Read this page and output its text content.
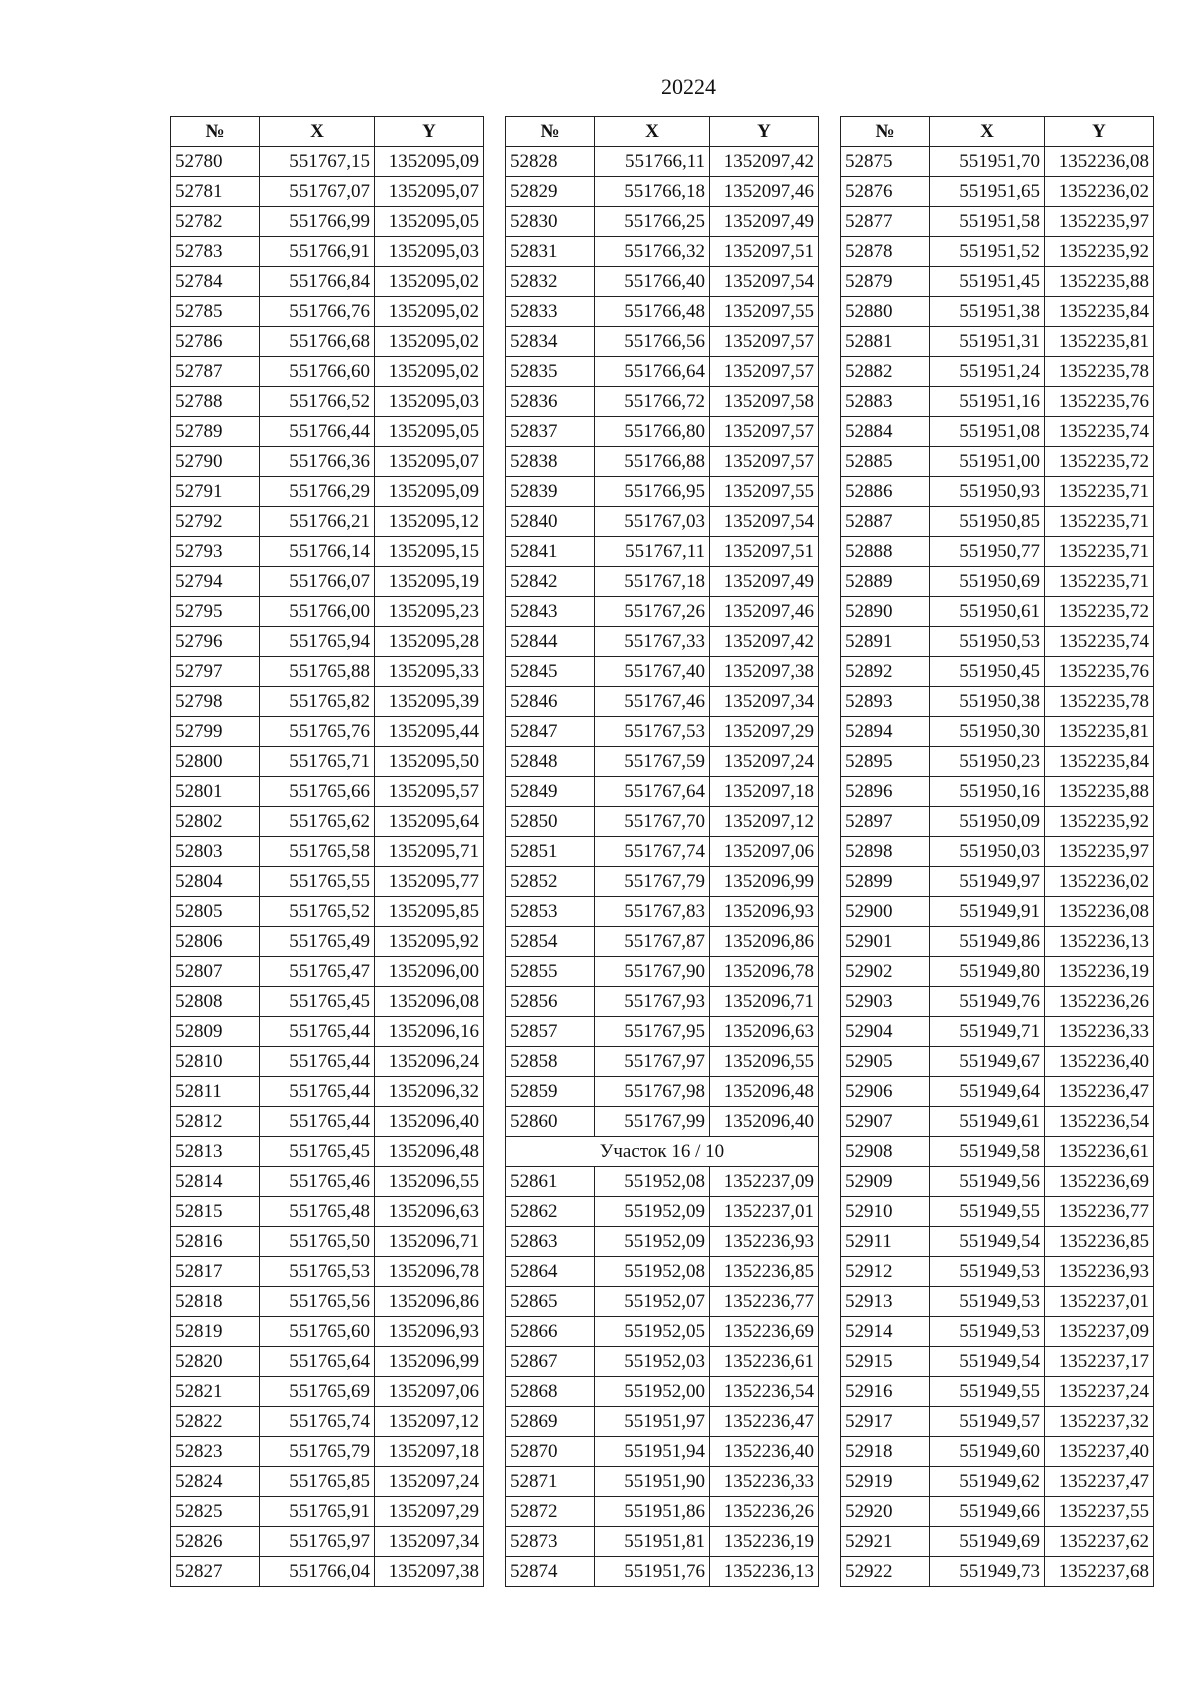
20224
№	X	Y
52780	551767,15	1352095,09
52781	551767,07	1352095,07
52782	551766,99	1352095,05
52783	551766,91	1352095,03
52784	551766,84	1352095,02
52785	551766,76	1352095,02
52786	551766,68	1352095,02
52787	551766,60	1352095,02
52788	551766,52	1352095,03
52789	551766,44	1352095,05
52790	551766,36	1352095,07
52791	551766,29	1352095,09
52792	551766,21	1352095,12
52793	551766,14	1352095,15
52794	551766,07	1352095,19
52795	551766,00	1352095,23
52796	551765,94	1352095,28
52797	551765,88	1352095,33
52798	551765,82	1352095,39
52799	551765,76	1352095,44
52800	551765,71	1352095,50
52801	551765,66	1352095,57
52802	551765,62	1352095,64
52803	551765,58	1352095,71
52804	551765,55	1352095,77
52805	551765,52	1352095,85
52806	551765,49	1352095,92
52807	551765,47	1352096,00
52808	551765,45	1352096,08
52809	551765,44	1352096,16
52810	551765,44	1352096,24
52811	551765,44	1352096,32
52812	551765,44	1352096,40
52813	551765,45	1352096,48
52814	551765,46	1352096,55
52815	551765,48	1352096,63
52816	551765,50	1352096,71
52817	551765,53	1352096,78
52818	551765,56	1352096,86
52819	551765,60	1352096,93
52820	551765,64	1352096,99
52821	551765,69	1352097,06
52822	551765,74	1352097,12
52823	551765,79	1352097,18
52824	551765,85	1352097,24
52825	551765,91	1352097,29
52826	551765,97	1352097,34
52827	551766,04	1352097,38
№	X	Y
52828	551766,11	1352097,42
52829	551766,18	1352097,46
52830	551766,25	1352097,49
52831	551766,32	1352097,51
52832	551766,40	1352097,54
52833	551766,48	1352097,55
52834	551766,56	1352097,57
52835	551766,64	1352097,57
52836	551766,72	1352097,58
52837	551766,80	1352097,57
52838	551766,88	1352097,57
52839	551766,95	1352097,55
52840	551767,03	1352097,54
52841	551767,11	1352097,51
52842	551767,18	1352097,49
52843	551767,26	1352097,46
52844	551767,33	1352097,42
52845	551767,40	1352097,38
52846	551767,46	1352097,34
52847	551767,53	1352097,29
52848	551767,59	1352097,24
52849	551767,64	1352097,18
52850	551767,70	1352097,12
52851	551767,74	1352097,06
52852	551767,79	1352096,99
52853	551767,83	1352096,93
52854	551767,87	1352096,86
52855	551767,90	1352096,78
52856	551767,93	1352096,71
52857	551767,95	1352096,63
52858	551767,97	1352096,55
52859	551767,98	1352096,48
52860	551767,99	1352096,40
Участок 16 / 10		
52861	551952,08	1352237,09
52862	551952,09	1352237,01
52863	551952,09	1352236,93
52864	551952,08	1352236,85
52865	551952,07	1352236,77
52866	551952,05	1352236,69
52867	551952,03	1352236,61
52868	551952,00	1352236,54
52869	551951,97	1352236,47
52870	551951,94	1352236,40
52871	551951,90	1352236,33
52872	551951,86	1352236,26
52873	551951,81	1352236,19
52874	551951,76	1352236,13
№	X	Y
52875	551951,70	1352236,08
52876	551951,65	1352236,02
52877	551951,58	1352235,97
52878	551951,52	1352235,92
52879	551951,45	1352235,88
52880	551951,38	1352235,84
52881	551951,31	1352235,81
52882	551951,24	1352235,78
52883	551951,16	1352235,76
52884	551951,08	1352235,74
52885	551951,00	1352235,72
52886	551950,93	1352235,71
52887	551950,85	1352235,71
52888	551950,77	1352235,71
52889	551950,69	1352235,71
52890	551950,61	1352235,72
52891	551950,53	1352235,74
52892	551950,45	1352235,76
52893	551950,38	1352235,78
52894	551950,30	1352235,81
52895	551950,23	1352235,84
52896	551950,16	1352235,88
52897	551950,09	1352235,92
52898	551950,03	1352235,97
52899	551949,97	1352236,02
52900	551949,91	1352236,08
52901	551949,86	1352236,13
52902	551949,80	1352236,19
52903	551949,76	1352236,26
52904	551949,71	1352236,33
52905	551949,67	1352236,40
52906	551949,64	1352236,47
52907	551949,61	1352236,54
52908	551949,58	1352236,61
52909	551949,56	1352236,69
52910	551949,55	1352236,77
52911	551949,54	1352236,85
52912	551949,53	1352236,93
52913	551949,53	1352237,01
52914	551949,53	1352237,09
52915	551949,54	1352237,17
52916	551949,55	1352237,24
52917	551949,57	1352237,32
52918	551949,60	1352237,40
52919	551949,62	1352237,47
52920	551949,66	1352237,55
52921	551949,69	1352237,62
52922	551949,73	1352237,68
